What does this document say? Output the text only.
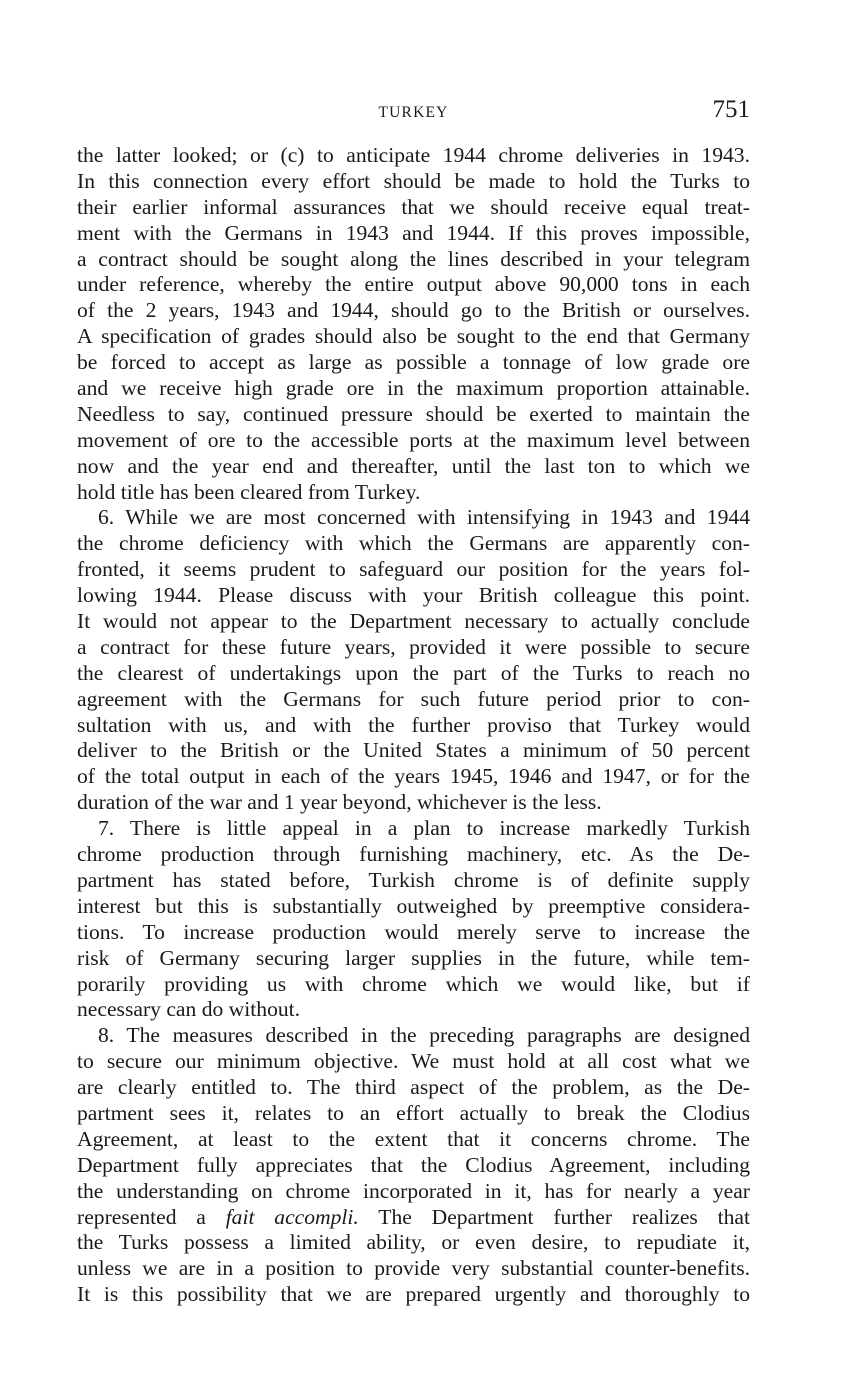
TURKEY	751
the latter looked; or (c) to anticipate 1944 chrome deliveries in 1943.
In this connection every effort should be made to hold the Turks to
their earlier informal assurances that we should receive equal treat-
ment with the Germans in 1943 and 1944. If this proves impossible,
a contract should be sought along the lines described in your telegram
under reference, whereby the entire output above 90,000 tons in each
of the 2 years, 1943 and 1944, should go to the British or ourselves.
A specification of grades should also be sought to the end that Germany
be forced to accept as large as possible a tonnage of low grade ore
and we receive high grade ore in the maximum proportion attainable.
Needless to say, continued pressure should be exerted to maintain the
movement of ore to the accessible ports at the maximum level between
now and the year end and thereafter, until the last ton to which we
hold title has been cleared from Turkey.
6. While we are most concerned with intensifying in 1943 and 1944
the chrome deficiency with which the Germans are apparently con-
fronted, it seems prudent to safeguard our position for the years fol-
lowing 1944. Please discuss with your British colleague this point.
It would not appear to the Department necessary to actually conclude
a contract for these future years, provided it were possible to secure
the clearest of undertakings upon the part of the Turks to reach no
agreement with the Germans for such future period prior to con-
sultation with us, and with the further proviso that Turkey would
deliver to the British or the United States a minimum of 50 percent
of the total output in each of the years 1945, 1946 and 1947, or for the
duration of the war and 1 year beyond, whichever is the less.
7. There is little appeal in a plan to increase markedly Turkish
chrome production through furnishing machinery, etc. As the De-
partment has stated before, Turkish chrome is of definite supply
interest but this is substantially outweighed by preemptive considera-
tions. To increase production would merely serve to increase the
risk of Germany securing larger supplies in the future, while tem-
porarily providing us with chrome which we would like, but if
necessary can do without.
8. The measures described in the preceding paragraphs are designed
to secure our minimum objective. We must hold at all cost what we
are clearly entitled to. The third aspect of the problem, as the De-
partment sees it, relates to an effort actually to break the Clodius
Agreement, at least to the extent that it concerns chrome. The
Department fully appreciates that the Clodius Agreement, including
the understanding on chrome incorporated in it, has for nearly a year
represented a fait accompli. The Department further realizes that
the Turks possess a limited ability, or even desire, to repudiate it,
unless we are in a position to provide very substantial counter-benefits.
It is this possibility that we are prepared urgently and thoroughly to
